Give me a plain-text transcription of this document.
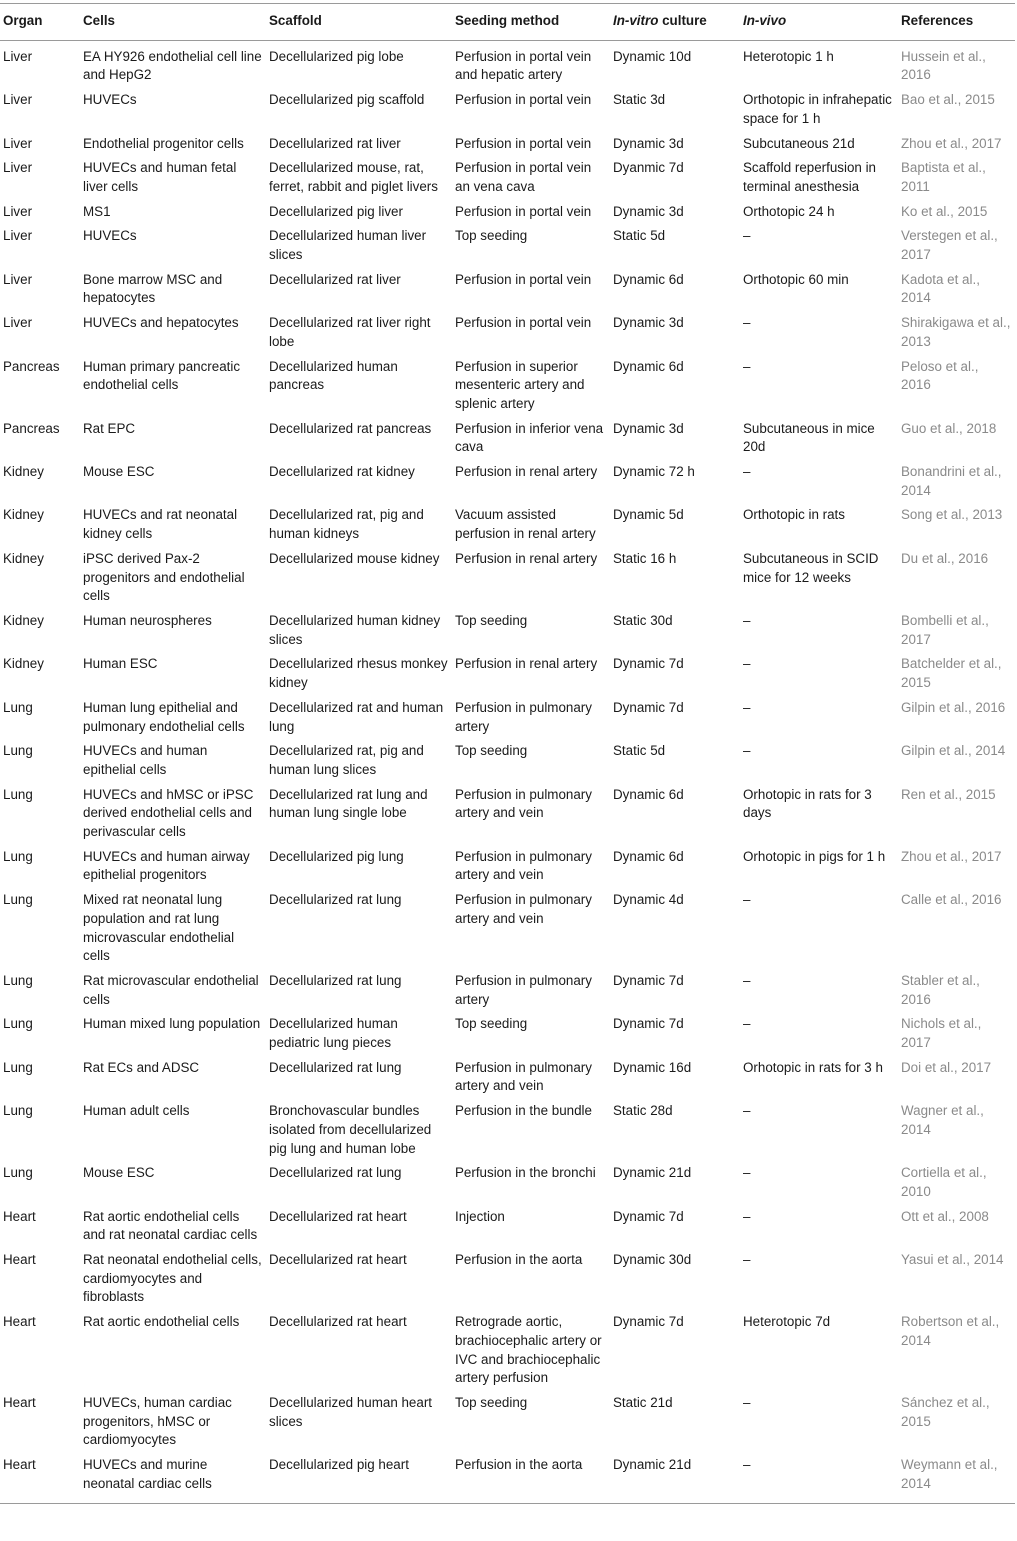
Organ	Cells	Scaffold	Seeding method	In-vitro culture	In-vivo	References
Liver	EA HY926 endothelial cell line and HepG2	Decellularized pig lobe	Perfusion in portal vein and hepatic artery	Dynamic 10d	Heterotopic 1 h	Hussein et al., 2016
Liver	HUVECs	Decellularized pig scaffold	Perfusion in portal vein	Static 3d	Orthotopic in infrahepatic space for 1 h	Bao et al., 2015
Liver	Endothelial progenitor cells	Decellularized rat liver	Perfusion in portal vein	Dynamic 3d	Subcutaneous 21d	Zhou et al., 2017
Liver	HUVECs and human fetal liver cells	Decellularized mouse, rat, ferret, rabbit and piglet livers	Perfusion in portal vein an vena cava	Dyanmic 7d	Scaffold reperfusion in terminal anesthesia	Baptista et al., 2011
Liver	MS1	Decellularized pig liver	Perfusion in portal vein	Dynamic 3d	Orthotopic 24 h	Ko et al., 2015
Liver	HUVECs	Decellularized human liver slices	Top seeding	Static 5d	–	Verstegen et al., 2017
Liver	Bone marrow MSC and hepatocytes	Decellularized rat liver	Perfusion in portal vein	Dynamic 6d	Orthotopic 60 min	Kadota et al., 2014
Liver	HUVECs and hepatocytes	Decellularized rat liver right lobe	Perfusion in portal vein	Dynamic 3d	–	Shirakigawa et al., 2013
Pancreas	Human primary pancreatic endothelial cells	Decellularized human pancreas	Perfusion in superior mesenteric artery and splenic artery	Dynamic 6d	–	Peloso et al., 2016
Pancreas	Rat EPC	Decellularized rat pancreas	Perfusion in inferior vena cava	Dynamic 3d	Subcutaneous in mice 20d	Guo et al., 2018
Kidney	Mouse ESC	Decellularized rat kidney	Perfusion in renal artery	Dynamic 72 h	–	Bonandrini et al., 2014
Kidney	HUVECs and rat neonatal kidney cells	Decellularized rat, pig and human kidneys	Vacuum assisted perfusion in renal artery	Dynamic 5d	Orthotopic in rats	Song et al., 2013
Kidney	iPSC derived Pax-2 progenitors and endothelial cells	Decellularized mouse kidney	Perfusion in renal artery	Static 16 h	Subcutaneous in SCID mice for 12 weeks	Du et al., 2016
Kidney	Human neurospheres	Decellularized human kidney slices	Top seeding	Static 30d	–	Bombelli et al., 2017
Kidney	Human ESC	Decellularized rhesus monkey kidney	Perfusion in renal artery	Dynamic 7d	–	Batchelder et al., 2015
Lung	Human lung epithelial and pulmonary endothelial cells	Decellularized rat and human lung	Perfusion in pulmonary artery	Dynamic 7d	–	Gilpin et al., 2016
Lung	HUVECs and human epithelial cells	Decellularized rat, pig and human lung slices	Top seeding	Static 5d	–	Gilpin et al., 2014
Lung	HUVECs and hMSC or iPSC derived endothelial cells and perivascular cells	Decellularized rat lung and human lung single lobe	Perfusion in pulmonary artery and vein	Dynamic 6d	Orhotopic in rats for 3 days	Ren et al., 2015
Lung	HUVECs and human airway epithelial progenitors	Decellularized pig lung	Perfusion in pulmonary artery and vein	Dynamic 6d	Orhotopic in pigs for 1 h	Zhou et al., 2017
Lung	Mixed rat neonatal lung population and rat lung microvascular endothelial cells	Decellularized rat lung	Perfusion in pulmonary artery and vein	Dynamic 4d	–	Calle et al., 2016
Lung	Rat microvascular endothelial cells	Decellularized rat lung	Perfusion in pulmonary artery	Dynamic 7d	–	Stabler et al., 2016
Lung	Human mixed lung population	Decellularized human pediatric lung pieces	Top seeding	Dynamic 7d	–	Nichols et al., 2017
Lung	Rat ECs and ADSC	Decellularized rat lung	Perfusion in pulmonary artery and vein	Dynamic 16d	Orhotopic in rats for 3 h	Doi et al., 2017
Lung	Human adult cells	Bronchovascular bundles isolated from decellularized pig lung and human lobe	Perfusion in the bundle	Static 28d	–	Wagner et al., 2014
Lung	Mouse ESC	Decellularized rat lung	Perfusion in the bronchi	Dynamic 21d	–	Cortiella et al., 2010
Heart	Rat aortic endothelial cells and rat neonatal cardiac cells	Decellularized rat heart	Injection	Dynamic 7d	–	Ott et al., 2008
Heart	Rat neonatal endothelial cells, cardiomyocytes and fibroblasts	Decellularized rat heart	Perfusion in the aorta	Dynamic 30d	–	Yasui et al., 2014
Heart	Rat aortic endothelial cells	Decellularized rat heart	Retrograde aortic, brachiocephalic artery or IVC and brachiocephalic artery perfusion	Dynamic 7d	Heterotopic 7d	Robertson et al., 2014
Heart	HUVECs, human cardiac progenitors, hMSC or cardiomyocytes	Decellularized human heart slices	Top seeding	Static 21d	–	Sánchez et al., 2015
Heart	HUVECs and murine neonatal cardiac cells	Decellularized pig heart	Perfusion in the aorta	Dynamic 21d	–	Weymann et al., 2014
